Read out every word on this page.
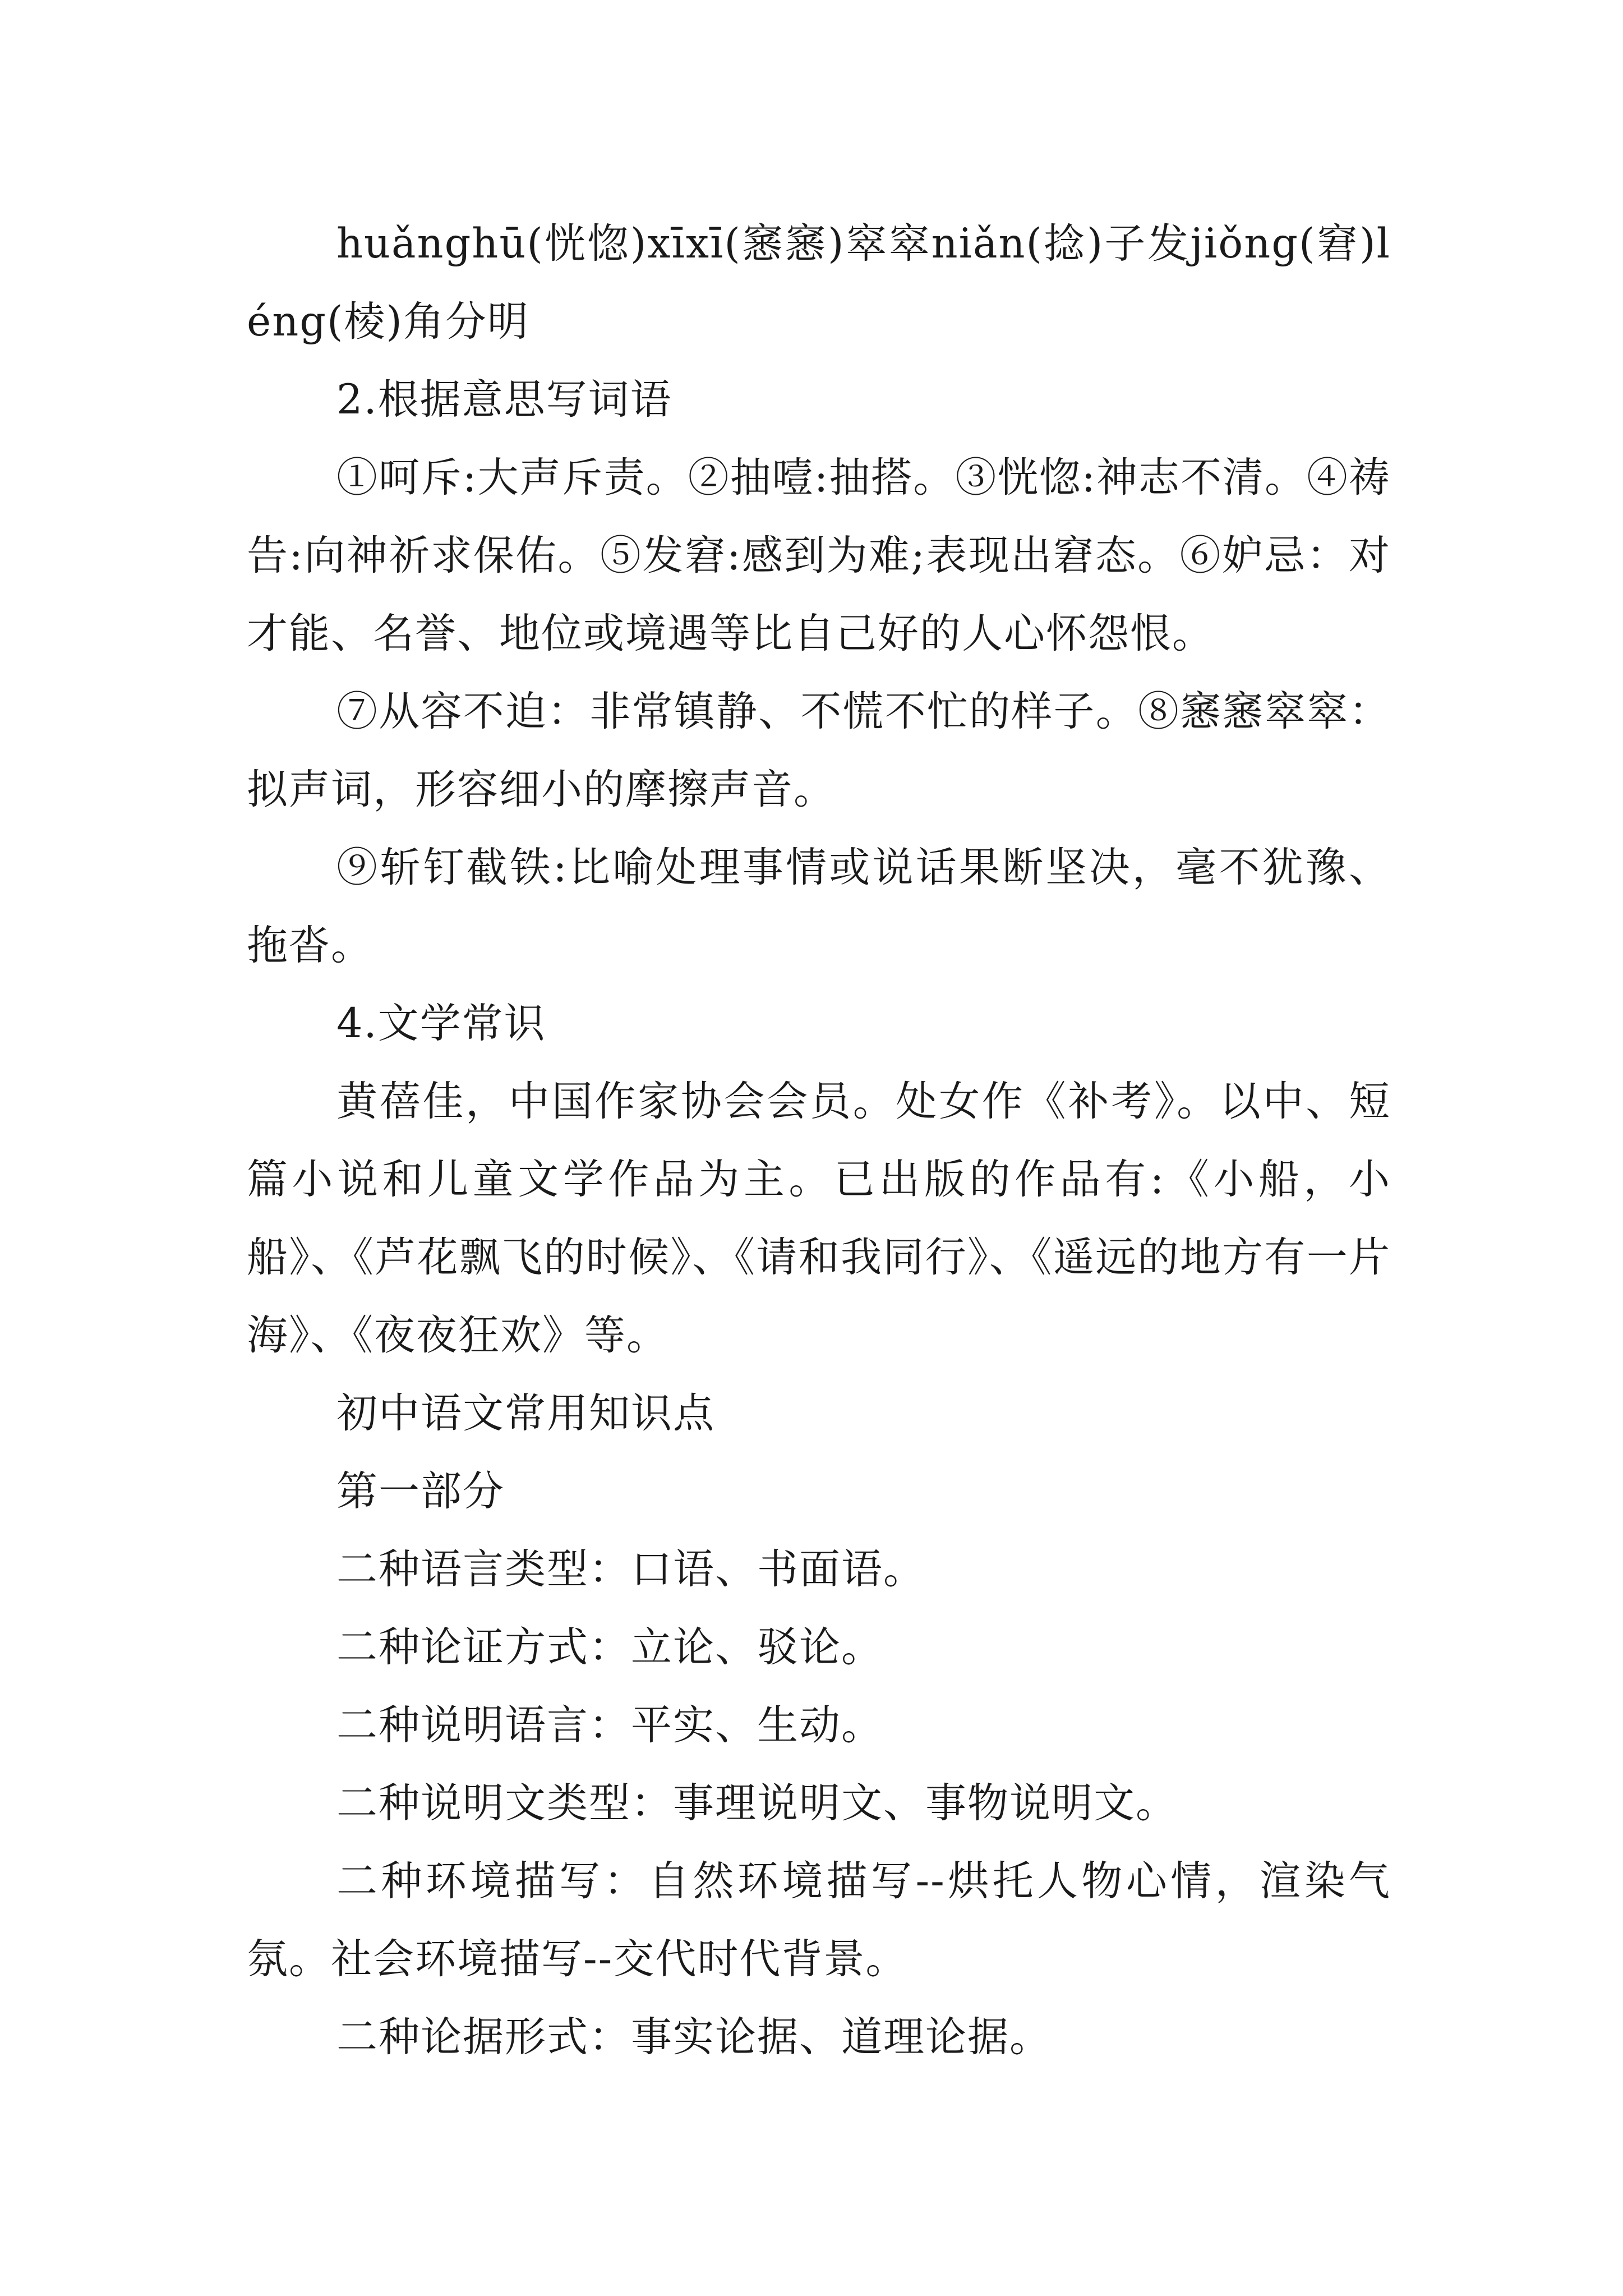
huǎnghū(恍惚)xīxī(窸窸)窣窣niǎn(捻)子发jiǒng(窘)léng(棱)角分明

2.根据意思写词语

①呵斥:大声斥责。②抽噎:抽搭。③恍惚:神志不清。④祷告:向神祈求保佑。⑤发窘:感到为难;表现出窘态。⑥妒忌：对才能、名誉、地位或境遇等比自己好的人心怀怨恨。

⑦从容不迫：非常镇静、不慌不忙的样子。⑧窸窸窣窣：拟声词，形容细小的摩擦声音。

⑨斩钉截铁:比喻处理事情或说话果断坚决，毫不犹豫、拖沓。

4.文学常识

黄蓓佳，中国作家协会会员。处女作《补考》。以中、短篇小说和儿童文学作品为主。已出版的作品有:《小船，小船》、《芦花飘飞的时候》、《请和我同行》、《遥远的地方有一片海》、《夜夜狂欢》等。

初中语文常用知识点

第一部分

二种语言类型：口语、书面语。

二种论证方式：立论、驳论。

二种说明语言：平实、生动。

二种说明文类型：事理说明文、事物说明文。

二种环境描写：自然环境描写--烘托人物心情，渲染气氛。社会环境描写--交代时代背景。

二种论据形式：事实论据、道理论据。
